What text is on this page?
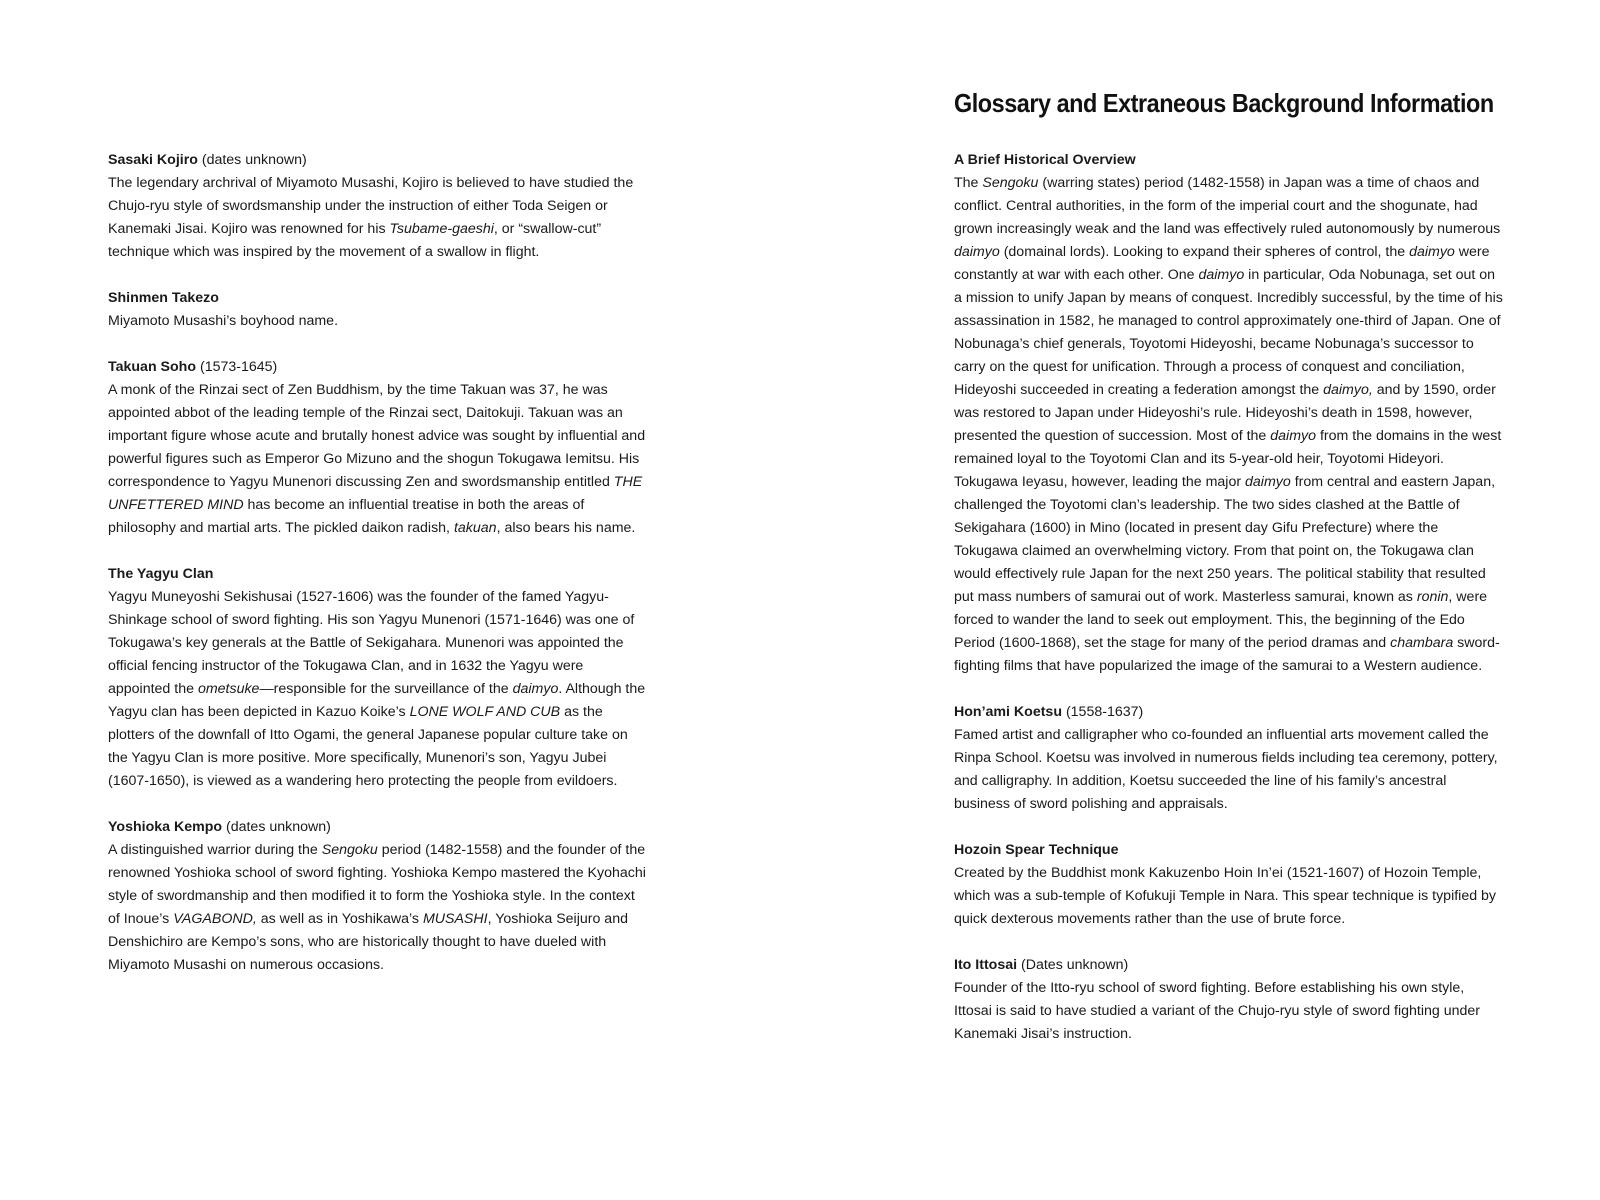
Sasaki Kojiro (dates unknown)

The legendary archrival of Miyamoto Musashi, Kojiro is believed to have studied the Chujo-ryu style of swordsmanship under the instruction of either Toda Seigen or Kanemaki Jisai. Kojiro was renowned for his Tsubame-gaeshi, or “swallow-cut” technique which was inspired by the movement of a swallow in flight.

Shinmen Takezo

Miyamoto Musashi’s boyhood name.

Takuan Soho (1573-1645)

A monk of the Rinzai sect of Zen Buddhism, by the time Takuan was 37, he was appointed abbot of the leading temple of the Rinzai sect, Daitokuji. Takuan was an important figure whose acute and brutally honest advice was sought by influential and powerful figures such as Emperor Go Mizuno and the shogun Tokugawa Iemitsu. His correspondence to Yagyu Munenori discussing Zen and swordsmanship entitled THE UNFETTERED MIND has become an influential treatise in both the areas of philosophy and martial arts. The pickled daikon radish, takuan, also bears his name.

The Yagyu Clan

Yagyu Muneyoshi Sekishusai (1527-1606) was the founder of the famed Yagyu-Shinkage school of sword fighting. His son Yagyu Munenori (1571-1646) was one of Tokugawa’s key generals at the Battle of Sekigahara. Munenori was appointed the official fencing instructor of the Tokugawa Clan, and in 1632 the Yagyu were appointed the ometsuke—responsible for the surveillance of the daimyo. Although the Yagyu clan has been depicted in Kazuo Koike’s LONE WOLF AND CUB as the plotters of the downfall of Itto Ogami, the general Japanese popular culture take on the Yagyu Clan is more positive. More specifically, Munenori’s son, Yagyu Jubei (1607-1650), is viewed as a wandering hero protecting the people from evildoers.

Yoshioka Kempo (dates unknown)

A distinguished warrior during the Sengoku period (1482-1558) and the founder of the renowned Yoshioka school of sword fighting. Yoshioka Kempo mastered the Kyohachi style of swordmanship and then modified it to form the Yoshioka style. In the context of Inoue’s VAGABOND, as well as in Yoshikawa’s MUSASHI, Yoshioka Seijuro and Denshichiro are Kempo’s sons, who are historically thought to have dueled with Miyamoto Musashi on numerous occasions.

Glossary and Extraneous Background Information

A Brief Historical Overview

The Sengoku (warring states) period (1482-1558) in Japan was a time of chaos and conflict. Central authorities, in the form of the imperial court and the shogunate, had grown increasingly weak and the land was effectively ruled autonomously by numerous daimyo (domainal lords). Looking to expand their spheres of control, the daimyo were constantly at war with each other. One daimyo in particular, Oda Nobunaga, set out on a mission to unify Japan by means of conquest. Incredibly successful, by the time of his assassination in 1582, he managed to control approximately one-third of Japan. One of Nobunaga’s chief generals, Toyotomi Hideyoshi, became Nobunaga’s successor to carry on the quest for unification. Through a process of conquest and conciliation, Hideyoshi succeeded in creating a federation amongst the daimyo, and by 1590, order was restored to Japan under Hideyoshi’s rule. Hideyoshi’s death in 1598, however, presented the question of succession. Most of the daimyo from the domains in the west remained loyal to the Toyotomi Clan and its 5-year-old heir, Toyotomi Hideyori. Tokugawa Ieyasu, however, leading the major daimyo from central and eastern Japan, challenged the Toyotomi clan’s leadership. The two sides clashed at the Battle of Sekigahara (1600) in Mino (located in present day Gifu Prefecture) where the Tokugawa claimed an overwhelming victory. From that point on, the Tokugawa clan would effectively rule Japan for the next 250 years. The political stability that resulted put mass numbers of samurai out of work. Masterless samurai, known as ronin, were forced to wander the land to seek out employment. This, the beginning of the Edo Period (1600-1868), set the stage for many of the period dramas and chambara sword-fighting films that have popularized the image of the samurai to a Western audience.

Hon’ami Koetsu (1558-1637)

Famed artist and calligrapher who co-founded an influential arts movement called the Rinpa School. Koetsu was involved in numerous fields including tea ceremony, pottery, and calligraphy. In addition, Koetsu succeeded the line of his family’s ancestral business of sword polishing and appraisals.

Hozoin Spear Technique

Created by the Buddhist monk Kakuzenbo Hoin In’ei (1521-1607) of Hozoin Temple, which was a sub-temple of Kofukuji Temple in Nara. This spear technique is typified by quick dexterous movements rather than the use of brute force.

Ito Ittosai (Dates unknown)

Founder of the Itto-ryu school of sword fighting. Before establishing his own style, Ittosai is said to have studied a variant of the Chujo-ryu style of sword fighting under Kanemaki Jisai’s instruction.
